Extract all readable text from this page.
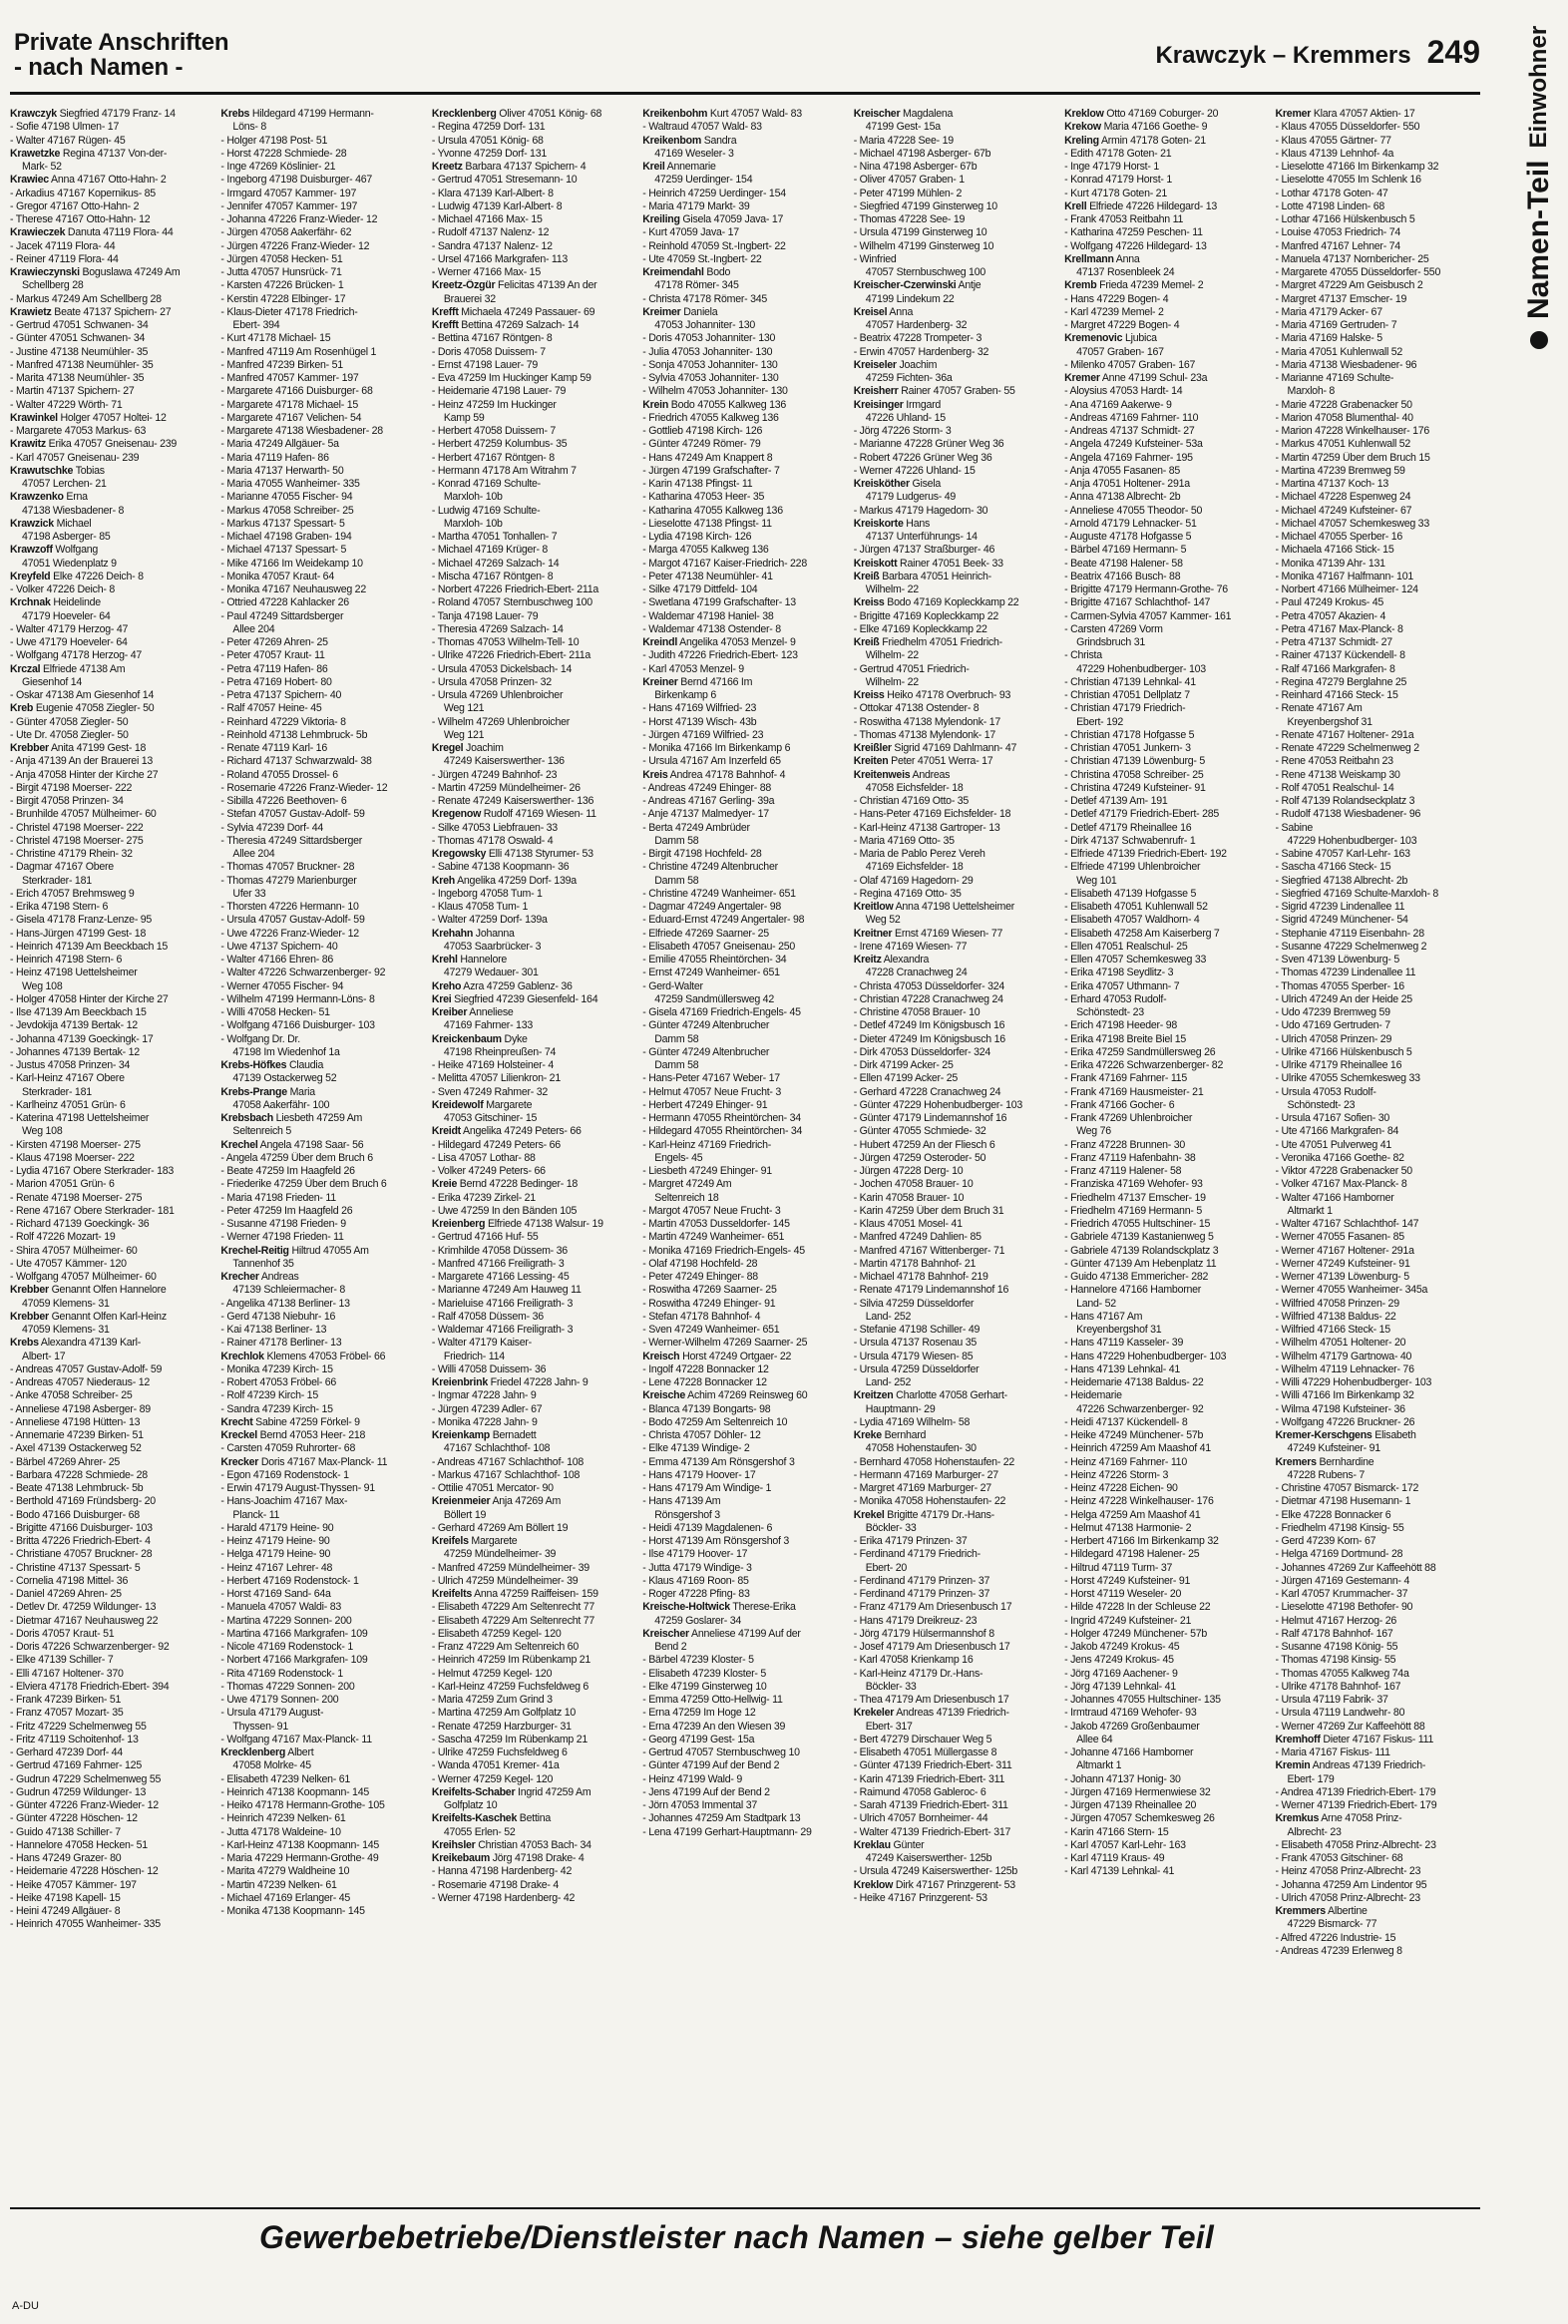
Private Anschriften
- nach Namen -	Krawczyk – Kremmers 249
Namen-Teil
Einwohner
Krawczyk Siegfried 47179 Franz- 14
- Sofie 47198 Ulmen- 17
- Walter 47167 Rügen- 45
Krawetzke Regina 47137 Von-der-
Mark- 52
Krawiec Anna 47167 Otto-Hahn- 2
- Arkadius 47167 Kopernikus- 85
- Gregor 47167 Otto-Hahn- 2
- Therese 47167 Otto-Hahn- 12
Krawieczek Danuta 47119 Flora- 44
- Jacek 47119 Flora- 44
- Reiner 47119 Flora- 44
Krawieczynski Boguslawa 47249 Am
Schellberg 28
- Markus 47249 Am Schellberg 28
Krawietz Beate 47137 Spichern- 27
- Gertrud 47051 Schwanen- 34
- Günter 47051 Schwanen- 34
- Justine 47138 Neumühler- 35
- Manfred 47138 Neumühler- 35
- Marita 47138 Neumühler- 35
- Martin 47137 Spichern- 27
- Walter 47229 Wörth- 71
Krawinkel Holger 47057 Holtei- 12
- Margarete 47053 Markus- 63
Krawitz Erika 47057 Gneisenau- 239
- Karl 47057 Gneisenau- 239
Krawutschke Tobias
47057 Lerchen- 21
Krawzenko Erna
47138 Wiesbadener- 8
Krawzick Michael
47198 Asberger- 85
Krawzoff Wolfgang
47051 Wiedenplatz 9
Kreyfeld Elke 47226 Deich- 8
- Volker 47226 Deich- 8
Krchnak Heidelinde
47179 Hoeveler- 64
- Walter 47179 Herzog- 47
- Uwe 47179 Hoeveler- 64
- Wolfgang 47178 Herzog- 47
Krczal Elfriede 47138 Am
Giesenhof 14
- Oskar 47138 Am Giesenhof 14
Kreb Eugenie 47058 Ziegler- 50
- Günter 47058 Ziegler- 50
- Ute Dr. 47058 Ziegler- 50
Krebber Anita 47199 Gest- 18
- Anja 47139 An der Brauerei 13
- Anja 47058 Hinter der Kirche 27
- Birgit 47198 Moerser- 222
- Birgit 47058 Prinzen- 34
- Brunhilde 47057 Mülheimer- 60
- Christel 47198 Moerser- 222
- Christel 47198 Moerser- 275
- Christine 47179 Rhein- 32
- Dagmar 47167 Obere
Sterkrader- 181
- Erich 47057 Brehmsweg 9
- Erika 47198 Stern- 6
- Gisela 47178 Franz-Lenze- 95
- Hans-Jürgen 47199 Gest- 18
- Heinrich 47139 Am Beeckbach 15
- Heinrich 47198 Stern- 6
- Heinz 47198 Uettelsheimer
Weg 108
- Holger 47058 Hinter der Kirche 27
- Ilse 47139 Am Beeckbach 15
- Jevdokija 47139 Bertak- 12
- Johanna 47139 Goeckingk- 17
- Johannes 47139 Bertak- 12
- Justus 47058 Prinzen- 34
- Karl-Heinz 47167 Obere
Sterkrader- 181
- Karlheinz 47051 Grün- 6
- Katerina 47198 Uettelsheimer
Weg 108
- Kirsten 47198 Moerser- 275
- Klaus 47198 Moerser- 222
- Lydia 47167 Obere Sterkrader- 183
- Marion 47051 Grün- 6
- Renate 47198 Moerser- 275
- Rene 47167 Obere Sterkrader- 181
- Richard 47139 Goeckingk- 36
- Rolf 47226 Mozart- 19
- Shira 47057 Mülheimer- 60
- Ute 47057 Kämmer- 120
- Wolfgang 47057 Mülheimer- 60
Krebber Genannt Olfen Hannelore
47059 Klemens- 31
Krebber Genannt Olfen Karl-Heinz
47059 Klemens- 31
Krebs Alexandra 47139 Karl-
Albert- 17
- Andreas 47057 Gustav-Adolf- 59
- Andreas 47057 Niederaus- 12
- Anke 47058 Schreiber- 25
- Anneliese 47198 Asberger- 89
- Anneliese 47198 Hütten- 13
- Annemarie 47239 Birken- 51
- Axel 47139 Ostackerweg 52
- Bärbel 47269 Ahrer- 25
- Barbara 47228 Schmiede- 28
- Beate 47138 Lehmbruck- 5b
- Berthold 47169 Fründsberg- 20
- Bodo 47166 Duisburger- 68
- Brigitte 47166 Duisburger- 103
- Britta 47226 Friedrich-Ebert- 4
- Christiane 47057 Bruckner- 28
- Christine 47137 Spessart- 5
- Cornelia 47198 Mittel- 36
- Daniel 47269 Ahren- 25
- Detlev Dr. 47259 Wildunger- 13
- Dietmar 47167 Neuhausweg 22
- Doris 47057 Kraut- 51
- Doris 47226 Schwarzenberger- 92
- Elke 47139 Schiller- 7
- Elli 47167 Holtener- 370
- Elviera 47178 Friedrich-Ebert- 394
- Frank 47239 Birken- 51
- Franz 47057 Mozart- 35
- Fritz 47229 Schelmenweg 55
- Fritz 47119 Schoitenhof- 13
- Gerhard 47239 Dorf- 44
- Gertrud 47169 Fahrner- 125
- Gudrun 47229 Schelmenweg 55
- Gudrun 47259 Wildunger- 13
- Günter 47226 Franz-Wieder- 12
- Günter 47228 Höschen- 12
- Guido 47138 Schiller- 7
- Hannelore 47058 Hecken- 51
- Hans 47249 Grazer- 80
- Heidemarie 47228 Höschen- 12
- Heike 47057 Kämmer- 197
- Heike 47198 Kapell- 15
- Heini 47249 Allgäuer- 8
- Heinrich 47055 Wanheimer- 335
Krebs Hildegard 47199 Hermann-
Löns- 8
- Holger 47198 Post- 51
- Horst 47228 Schmiede- 28
- Inge 47269 Köslinier- 21
- Ingeborg 47198 Duisburger- 467
- Irmgard 47057 Kammer- 197
- Jennifer 47057 Kammer- 197
- Johanna 47226 Franz-Wieder- 12
- Jürgen 47058 Aakerfähr- 62
- Jürgen 47226 Franz-Wieder- 12
- Jürgen 47058 Hecken- 51
- Jutta 47057 Hunsrück- 71
- Karsten 47226 Brücken- 1
- Kerstin 47228 Elbinger- 17
- Klaus-Dieter 47178 Friedrich-
Ebert- 394
- Kurt 47178 Michael- 15
- Manfred 47119 Am Rosenhügel 1
- Manfred 47239 Birken- 51
- Manfred 47057 Kammer- 197
- Margarete 47166 Duisburger- 68
- Margarete 47178 Michael- 15
- Margarete 47167 Velichen- 54
- Margarete 47138 Wiesbadener- 28
- Maria 47249 Allgäuer- 5a
- Maria 47119 Hafen- 86
- Maria 47137 Herwarth- 50
- Maria 47055 Wanheimer- 335
- Marianne 47055 Fischer- 94
- Markus 47058 Schreiber- 25
- Markus 47137 Spessart- 5
- Michael 47198 Graben- 194
- Michael 47137 Spessart- 5
- Mike 47166 Im Weidekamp 10
- Monika 47057 Kraut- 64
- Monika 47167 Neuhausweg 22
- Ottried 47228 Kahlacker 26
- Paul 47249 Sittardsberger
Allee 204
- Peter 47269 Ahren- 25
- Peter 47057 Kraut- 11
- Petra 47119 Hafen- 86
- Petra 47169 Hobert- 80
- Petra 47137 Spichern- 40
- Ralf 47057 Heine- 45
- Reinhard 47229 Viktoria- 8
- Reinhold 47138 Lehmbruck- 5b
- Renate 47119 Karl- 16
- Richard 47137 Schwarzwald- 38
- Roland 47055 Drossel- 6
- Rosemarie 47226 Franz-Wieder- 12
- Sibilla 47226 Beethoven- 6
- Stefan 47057 Gustav-Adolf- 59
- Sylvia 47239 Dorf- 44
- Theresia 47249 Sittardsberger
Allee 204
- Thomas 47057 Bruckner- 28
- Thomas 47279 Marienburger
Ufer 33
- Thorsten 47226 Hermann- 10
- Ursula 47057 Gustav-Adolf- 59
- Uwe 47226 Franz-Wieder- 12
- Uwe 47137 Spichern- 40
- Walter 47166 Ehren- 86
- Walter 47226 Schwarzenberger- 92
- Werner 47055 Fischer- 94
- Wilhelm 47199 Hermann-Löns- 8
- Willi 47058 Hecken- 51
- Wolfgang 47166 Duisburger- 103
- Wolfgang Dr. Dr.
47198 Im Wiedenhof 1a
Krebs-Höfkes Claudia
47139 Ostackerweg 52
Krebs-Prange Maria
47058 Aakerfähr- 100
Krebsbach Liesbeth 47259 Am
Seltenreich 5
Krechel Angela 47198 Saar- 56
- Angela 47259 Über dem Bruch 6
- Beate 47259 Im Haagfeld 26
- Friederike 47259 Über dem Bruch 6
- Maria 47198 Frieden- 11
- Peter 47259 Im Haagfeld 26
- Susanne 47198 Frieden- 9
- Werner 47198 Frieden- 11
Krechel-Reitig Hiltrud 47055 Am
Tannenhof 35
Krecher Andreas
47139 Schleiermacher- 8
- Angelika 47138 Berliner- 13
- Gerd 47138 Niebuhr- 16
- Kai 47138 Berliner- 13
- Rainer 47178 Berliner- 13
Krechlok Klemens 47053 Fröbel- 66
- Monika 47239 Kirch- 15
- Robert 47053 Fröbel- 66
- Rolf 47239 Kirch- 15
- Sandra 47239 Kirch- 15
Krecht Sabine 47259 Förkel- 9
Kreckel Bernd 47053 Heer- 218
- Carsten 47059 Ruhrorter- 68
Krecker Doris 47167 Max-Planck- 11
- Egon 47169 Rodenstock- 1
- Erwin 47179 August-Thyssen- 91
- Hans-Joachim 47167 Max-
Planck- 11
- Harald 47179 Heine- 90
- Heinz 47179 Heine- 90
- Helga 47179 Heine- 90
- Heinz 47167 Lehrer- 48
- Herbert 47169 Rodenstock- 1
- Horst 47169 Sand- 64a
- Manuela 47057 Waldi- 83
- Martina 47229 Sonnen- 200
- Martina 47166 Markgrafen- 109
- Nicole 47169 Rodenstock- 1
- Norbert 47166 Markgrafen- 109
- Rita 47169 Rodenstock- 1
- Thomas 47229 Sonnen- 200
- Uwe 47179 Sonnen- 200
- Ursula 47179 August-
Thyssen- 91
- Wolfgang 47167 Max-Planck- 11
Krecklenberg Albert
47058 Molrke- 45
- Elisabeth 47239 Nelken- 61
- Heinrich 47138 Koopmann- 145
- Heiko 47178 Hermann-Grothe- 105
- Heinrich 47239 Nelken- 61
- Jutta 47178 Waldeine- 10
- Karl-Heinz 47138 Koopmann- 145
- Maria 47229 Hermann-Grothe- 49
- Marita 47279 Waldheine 10
- Martin 47239 Nelken- 61
- Michael 47169 Erlanger- 45
- Monika 47138 Koopmann- 145
Krecklenberg Oliver 47051 König- 68
- Regina 47259 Dorf- 131
- Ursula 47051 König- 68
- Yvonne 47259 Dorf- 131
Kreetz Barbara 47137 Spichern- 4
- Gertrud 47051 Stresemann- 10
- Klara 47139 Karl-Albert- 8
- Ludwig 47139 Karl-Albert- 8
- Michael 47166 Max- 15
- Rudolf 47137 Nalenz- 12
- Sandra 47137 Nalenz- 12
- Ursel 47166 Markgrafen- 113
- Werner 47166 Max- 15
Kreetz-Özgür Felicitas 47139 An der
Brauerei 32
Krefft Michaela 47249 Passauer- 69
Krefft Bettina 47269 Salzach- 14
- Bettina 47167 Röntgen- 8
- Doris 47058 Duissem- 7
- Ernst 47198 Lauer- 79
- Eva 47259 Im Huckinger Kamp 59
- Heidemarie 47198 Lauer- 79
- Heinz 47259 Im Huckinger
Kamp 59
- Herbert 47058 Duissem- 7
- Herbert 47259 Kolumbus- 35
- Herbert 47167 Röntgen- 8
- Hermann 47178 Am Witrahm 7
- Konrad 47169 Schulte-
Marxloh- 10b
- Ludwig 47169 Schulte-
Marxloh- 10b
- Martha 47051 Tonhallen- 7
- Michael 47169 Krüger- 8
- Michael 47269 Salzach- 14
- Mischa 47167 Röntgen- 8
- Norbert 47226 Friedrich-Ebert- 211a
- Roland 47057 Sternbuschweg 100
- Tanja 47198 Lauer- 79
- Theresia 47269 Salzach- 14
- Thomas 47053 Wilhelm-Tell- 10
- Ulrike 47226 Friedrich-Ebert- 211a
- Ursula 47053 Dickelsbach- 14
- Ursula 47058 Prinzen- 32
- Ursula 47269 Uhlenbroicher
Weg 121
- Wilhelm 47269 Uhlenbroicher
Weg 121
Kregel Joachim
47249 Kaiserswerther- 136
- Jürgen 47249 Bahnhof- 23
- Martin 47259 Mündelheimer- 26
- Renate 47249 Kaiserswerther- 136
Kregenow Rudolf 47169 Wiesen- 11
- Silke 47053 Liebfrauen- 33
- Thomas 47178 Oswald- 4
Kregowsky Elli 47138 Styrumer- 53
- Sabine 47138 Koopmann- 36
Kreh Angelika 47259 Dorf- 139a
- Ingeborg 47058 Tum- 1
- Klaus 47058 Tum- 1
- Walter 47259 Dorf- 139a
Krehahn Johanna
47053 Saarbrücker- 3
Krehl Hannelore
47279 Wedauer- 301
Kreho Azra 47259 Gablenz- 36
Krei Siegfried 47239 Giesenfeld- 164
Kreiber Anneliese
47169 Fahrner- 133
Kreickenbaum Dyke
47198 Rheinpreußen- 74
- Heike 47169 Holsteiner- 4
- Melitta 47057 Lilienkron- 21
- Sven 47249 Rahmer- 32
Kreidewolf Margarete
47053 Gitschiner- 15
Kreidt Angelika 47249 Peters- 66
- Hildegard 47249 Peters- 66
- Lisa 47057 Lothar- 88
- Volker 47249 Peters- 66
Kreie Bernd 47228 Bedinger- 18
- Erika 47239 Zirkel- 21
- Uwe 47259 In den Bänden 105
Kreienberg Elfriede 47138 Walsur- 19
- Gertrud 47166 Huf- 55
- Krimhilde 47058 Düssem- 36
- Manfred 47166 Freiligrath- 3
- Margarete 47166 Lessing- 45
- Marianne 47249 Am Hauweg 11
- Marieluise 47166 Freiligrath- 3
- Ralf 47058 Düssem- 36
- Waldemar 47166 Freiligrath- 3
- Walter 47179 Kaiser-
Friedrich- 114
- Willi 47058 Duissem- 36
Kreienbrink Friedel 47228 Jahn- 9
- Ingmar 47228 Jahn- 9
- Jürgen 47239 Adler- 67
- Monika 47228 Jahn- 9
Kreienkamp Bernadett
47167 Schlachthof- 108
- Andreas 47167 Schlachthof- 108
- Markus 47167 Schlachthof- 108
- Ottilie 47051 Mercator- 90
Kreienmeier Anja 47269 Am
Böllert 19
- Gerhard 47269 Am Böllert 19
Kreifels Margarete
47259 Mündelheimer- 39
- Manfred 47259 Mündelheimer- 39
- Ulrich 47259 Mündelheimer- 39
Kreifelts Anna 47259 Raiffeisen- 159
- Elisabeth 47229 Am Seltenrecht 77
- Elisabeth 47229 Am Seltenrecht 77
- Elisabeth 47259 Kegel- 120
- Franz 47229 Am Seltenreich 60
- Heinrich 47259 Im Rübenkamp 21
- Helmut 47259 Kegel- 120
- Karl-Heinz 47259 Fuchsfeldweg 6
- Maria 47259 Zum Grind 3
- Martina 47259 Am Golfplatz 10
- Renate 47259 Harzburger- 31
- Sascha 47259 Im Rübenkamp 21
- Ulrike 47259 Fuchsfeldweg 6
- Wanda 47051 Kremer- 41a
- Werner 47259 Kegel- 120
Kreifelts-Schaber Ingrid 47259 Am
Golfplatz 10
Kreifelts-Kaschek Bettina
47055 Erlen- 52
Kreihsler Christian 47053 Bach- 34
Kreikebaum Jörg 47198 Drake- 4
- Hanna 47198 Hardenberg- 42
- Rosemarie 47198 Drake- 4
- Werner 47198 Hardenberg- 42
Kreikenbohm Kurt 47057 Wald- 83
- Waltraud 47057 Wald- 83
Kreikenbom Sandra
47169 Weseler- 3
Kreil Annemarie
47259 Uerdinger- 154
- Heinrich 47259 Uerdinger- 154
- Maria 47179 Markt- 39
Kreiling Gisela 47059 Java- 17
- Kurt 47059 Java- 17
- Reinhold 47059 St.-Ingbert- 22
- Ute 47059 St.-Ingbert- 22
Kreimendahl Bodo
47178 Römer- 345
- Christa 47178 Römer- 345
Kreimer Daniela
47053 Johanniter- 130
- Doris 47053 Johanniter- 130
- Julia 47053 Johanniter- 130
- Sonja 47053 Johanniter- 130
- Sylvia 47053 Johanniter- 130
- Wilhelm 47053 Johanniter- 130
Krein Bodo 47055 Kalkweg 136
- Friedrich 47055 Kalkweg 136
- Gottlieb 47198 Kirch- 126
- Günter 47249 Römer- 79
- Hans 47249 Am Knappert 8
- Jürgen 47199 Grafschafter- 7
- Karin 47138 Pfingst- 11
- Katharina 47053 Heer- 35
- Katharina 47055 Kalkweg 136
- Lieselotte 47138 Pfingst- 11
- Lydia 47198 Kirch- 126
- Marga 47055 Kalkweg 136
- Margot 47167 Kaiser-Friedrich- 228
- Peter 47138 Neumühler- 41
- Silke 47179 Dittfeld- 104
- Swetlana 47199 Grafschafter- 13
- Waldemar 47198 Haniel- 38
- Waldemar 47138 Ostender- 8
Kreindl Angelika 47053 Menzel- 9
- Judith 47226 Friedrich-Ebert- 123
- Karl 47053 Menzel- 9
Kreiner Bernd 47166 Im
Birkenkamp 6
- Hans 47169 Wilfried- 23
- Horst 47139 Wisch- 43b
- Jürgen 47169 Wilfried- 23
- Monika 47166 Im Birkenkamp 6
- Ursula 47167 Am Inzerfeld 65
Kreis Andrea 47178 Bahnhof- 4
- Andreas 47249 Ehinger- 88
- Andreas 47167 Gerling- 39a
- Anje 47137 Malmedyer- 17
- Berta 47249 Ambrüder
Damm 58
- Birgit 47198 Hochfeld- 28
- Christine 47249 Altenbrucher
Damm 58
- Christine 47249 Wanheimer- 651
- Dagmar 47249 Angertaler- 98
- Eduard-Ernst 47249 Angertaler- 98
- Elfriede 47269 Saarner- 25
- Elisabeth 47057 Gneisenau- 250
- Emilie 47055 Rheintörchen- 34
- Ernst 47249 Wanheimer- 651
- Gerd-Walter
47259 Sandmüllersweg 42
- Gisela 47169 Friedrich-Engels- 45
- Günter 47249 Altenbrucher
Damm 58
- Günter 47249 Altenbrucher
Damm 58
- Hans-Peter 47167 Weber- 17
- Helmut 47057 Neue Frucht- 3
- Herbert 47249 Ehinger- 91
- Hermann 47055 Rheintörchen- 34
- Hildegard 47055 Rheintörchen- 34
- Karl-Heinz 47169 Friedrich-
Engels- 45
- Liesbeth 47249 Ehinger- 91
- Margret 47249 Am
Seltenreich 18
- Margot 47057 Neue Frucht- 3
- Martin 47053 Dusseldorfer- 145
- Martin 47249 Wanheimer- 651
- Monika 47169 Friedrich-Engels- 45
- Olaf 47198 Hochfeld- 28
- Peter 47249 Ehinger- 88
- Roswitha 47269 Saarner- 25
- Roswitha 47249 Ehinger- 91
- Stefan 47178 Bahnhof- 4
- Sven 47249 Wanheimer- 651
- Werner-Wilhelm 47269 Saarner- 25
Kreisch Horst 47249 Ortgaer- 22
- Ingolf 47228 Bonnacker 12
- Lene 47228 Bonnacker 12
Kreische Achim 47269 Reinsweg 60
- Blanca 47139 Bongarts- 98
- Bodo 47259 Am Seltenreich 10
- Christa 47057 Döhler- 12
- Elke 47139 Windige- 2
- Emma 47139 Am Rönsgershof 3
- Hans 47179 Hoover- 17
- Hans 47179 Am Windige- 1
- Hans 47139 Am
Rönsgershof 3
- Heidi 47139 Magdalenen- 6
- Horst 47139 Am Rönsgershof 3
- Ilse 47179 Hoover- 17
- Jutta 47179 Windige- 3
- Klaus 47169 Roon- 85
- Roger 47228 Pfing- 83
Kreische-Holtwick Therese-Erika
47259 Goslarer- 34
Kreischer Anneliese 47199 Auf der
Bend 2
- Bärbel 47239 Kloster- 5
- Elisabeth 47239 Kloster- 5
- Elke 47199 Ginsterweg 10
- Emma 47259 Otto-Hellwig- 11
- Erna 47259 Im Hoge 12
- Erna 47239 An den Wiesen 39
- Georg 47199 Gest- 15a
- Gertrud 47057 Sternbuschweg 10
- Günter 47199 Auf der Bend 2
- Heinz 47199 Wald- 9
- Jens 47199 Auf der Bend 2
- Jörn 47053 Immental 37
- Johannes 47259 Am Stadtpark 13
- Lena 47199 Gerhart-Hauptmann- 29
Kreischer Magdalena
47199 Gest- 15a
- Maria 47228 See- 19
- Michael 47198 Asberger- 67b
- Nina 47198 Asberger- 67b
- Oliver 47057 Graben- 1
- Peter 47199 Mühlen- 2
- Siegfried 47199 Ginsterweg 10
- Thomas 47228 See- 19
- Ursula 47199 Ginsterweg 10
- Wilhelm 47199 Ginsterweg 10
- Winfried
47057 Sternbuschweg 100
Kreischer-Czerwinski Antje
47199 Lindekum 22
Kreisel Anna
47057 Hardenberg- 32
- Beatrix 47228 Trompeter- 3
- Erwin 47057 Hardenberg- 32
Kreiseler Joachim
47259 Fichten- 36a
Kreisherr Rainer 47057 Graben- 55
Kreisinger Irmgard
47226 Uhland- 15
- Jörg 47226 Storm- 3
- Marianne 47228 Grüner Weg 36
- Robert 47226 Grüner Weg 36
- Werner 47226 Uhland- 15
Kreisköther Gisela
47179 Ludgerus- 49
- Markus 47179 Hagedorn- 30
Kreiskorte Hans
47137 Unterführungs- 14
- Jürgen 47137 Straßburger- 46
Kreiskott Rainer 47051 Beek- 33
Kreiß Barbara 47051 Heinrich-
Wilhelm- 22
Kreiss Bodo 47169 Kopleckkamp 22
- Brigitte 47169 Kopleckkamp 22
- Elke 47169 Kopleckkamp 22
Kreiß Friedhelm 47051 Friedrich-
Wilhelm- 22
- Gertrud 47051 Friedrich-
Wilhelm- 22
Kreiss Heiko 47178 Overbruch- 93
- Ottokar 47138 Ostender- 8
- Roswitha 47138 Mylendonk- 17
- Thomas 47138 Mylendonk- 17
Kreißler Sigrid 47169 Dahlmann- 47
Kreiten Peter 47051 Werra- 17
Kreitenweis Andreas
47058 Eichsfelder- 18
- Christian 47169 Otto- 35
- Hans-Peter 47169 Eichsfelder- 18
- Karl-Heinz 47138 Gartroper- 13
- Maria 47169 Otto- 35
- Maria de Pablo Perez Vereh
47169 Eichsfelder- 18
- Olaf 47169 Hagedorn- 29
- Regina 47169 Otto- 35
Kreitlow Anna 47198 Uettelsheimer
Weg 52
Kreitner Ernst 47169 Wiesen- 77
- Irene 47169 Wiesen- 77
Kreitz Alexandra
47228 Cranachweg 24
- Christa 47053 Düsseldorfer- 324
- Christian 47228 Cranachweg 24
- Christine 47058 Brauer- 10
- Detlef 47249 Im Königsbusch 16
- Dieter 47249 Im Königsbusch 16
- Dirk 47053 Düsseldorfer- 324
- Dirk 47199 Acker- 25
- Ellen 47199 Acker- 25
- Gerhard 47228 Cranachweg 24
- Günter 47229 Hohenbudberger- 103
- Günter 47179 Lindemannshof 16
- Günter 47055 Schmiede- 32
- Hubert 47259 An der Fliesch 6
- Jürgen 47259 Osteroder- 50
- Jürgen 47228 Derg- 10
- Jochen 47058 Brauer- 10
- Karin 47058 Brauer- 10
- Karin 47259 Über dem Bruch 31
- Klaus 47051 Mosel- 41
- Manfred 47249 Dahlien- 85
- Manfred 47167 Wittenberger- 71
- Martin 47178 Bahnhof- 21
- Michael 47178 Bahnhof- 219
- Renate 47179 Lindemannshof 16
- Silvia 47259 Düsseldorfer
Land- 252
- Stefanie 47198 Schiller- 49
- Ursula 47137 Rosenau 35
- Ursula 47179 Wiesen- 85
- Ursula 47259 Düsseldorfer
Land- 252
Kreitzen Charlotte 47058 Gerhart-
Hauptmann- 29
- Lydia 47169 Wilhelm- 58
Kreke Bernhard
47058 Hohenstaufen- 30
- Bernhard 47058 Hohenstaufen- 22
- Hermann 47169 Marburger- 27
- Margret 47169 Marburger- 27
- Monika 47058 Hohenstaufen- 22
Krekel Brigitte 47179 Dr.-Hans-
Böckler- 33
- Erika 47179 Prinzen- 37
- Ferdinand 47179 Friedrich-
Ebert- 20
- Ferdinand 47179 Prinzen- 37
- Ferdinand 47179 Prinzen- 37
- Franz 47179 Am Driesenbusch 17
- Hans 47179 Dreikreuz- 23
- Jörg 47179 Hülsermannshof 8
- Josef 47179 Am Driesenbusch 17
- Karl 47058 Krienkamp 16
- Karl-Heinz 47179 Dr.-Hans-
Böckler- 33
- Thea 47179 Am Driesenbusch 17
Krekeler Andreas 47139 Friedrich-
Ebert- 317
- Bert 47279 Dirschauer Weg 5
- Elisabeth 47051 Müllergasse 8
- Günter 47139 Friedrich-Ebert- 311
- Karin 47139 Friedrich-Ebert- 311
- Raimund 47058 Gableroc- 6
- Sarah 47139 Friedrich-Ebert- 311
- Ulrich 47057 Bornheimer- 44
- Walter 47139 Friedrich-Ebert- 317
Kreklau Günter
47249 Kaiserswerther- 125b
- Ursula 47249 Kaiserswerther- 125b
Kreklow Dirk 47167 Prinzgerent- 53
- Heike 47167 Prinzgerent- 53
Kreklow Otto 47169 Coburger- 20
Krekow Maria 47166 Goethe- 9
Kreling Armin 47178 Goten- 21
- Edith 47178 Goten- 21
- Inge 47179 Horst- 1
- Konrad 47179 Horst- 1
- Kurt 47178 Goten- 21
Krell Elfriede 47226 Hildegard- 13
- Frank 47053 Reitbahn 11
- Katharina 47259 Peschen- 11
- Wolfgang 47226 Hildegard- 13
Krellmann Anna
47137 Rosenbleek 24
Kremb Frieda 47239 Memel- 2
- Hans 47229 Bogen- 4
- Karl 47239 Memel- 2
- Margret 47229 Bogen- 4
Kremenovic Ljubica
47057 Graben- 167
- Milenko 47057 Graben- 167
Kremer Anne 47199 Schul- 23a
- Aloysius 47053 Hardt- 14
- Ana 47169 Aakerwe- 9
- Andreas 47169 Fahrner- 110
- Andreas 47137 Schmidt- 27
- Angela 47249 Kufsteiner- 53a
- Angela 47169 Fahrner- 195
- Anja 47055 Fasanen- 85
- Anja 47051 Holtener- 291a
- Anna 47138 Albrecht- 2b
- Anneliese 47055 Theodor- 50
- Arnold 47179 Lehnacker- 51
- Auguste 47178 Hofgasse 5
- Bärbel 47169 Hermann- 5
- Beate 47198 Halener- 58
- Beatrix 47166 Busch- 88
- Brigitte 47179 Hermann-Grothe- 76
- Brigitte 47167 Schlachthof- 147
- Carmen-Sylvia 47057 Kammer- 161
- Carsten 47269 Vorm
Grindsbruch 31
- Christa
47229 Hohenbudberger- 103
- Christian 47139 Lehnkal- 41
- Christian 47051 Dellplatz 7
- Christian 47179 Friedrich-
Ebert- 192
- Christian 47178 Hofgasse 5
- Christian 47051 Junkern- 3
- Christian 47139 Löwenburg- 5
- Christina 47058 Schreiber- 25
- Christina 47249 Kufsteiner- 91
- Detlef 47139 Am- 191
- Detlef 47179 Friedrich-Ebert- 285
- Detlef 47179 Rheinallee 16
- Dirk 47137 Schwabenrufr- 1
- Elfriede 47139 Friedrich-Ebert- 192
- Elfriede 47199 Uhlenbroicher
Weg 101
- Elisabeth 47139 Hofgasse 5
- Elisabeth 47051 Kuhlenwall 52
- Elisabeth 47057 Waldhorn- 4
- Elisabeth 47258 Am Kaiserberg 7
- Ellen 47051 Realschul- 25
- Ellen 47057 Schemkesweg 33
- Erika 47198 Seydlitz- 3
- Erika 47057 Uthmann- 7
- Erhard 47053 Rudolf-
Schönstedt- 23
- Erich 47198 Heeder- 98
- Erika 47198 Breite Biel 15
- Erika 47259 Sandmüllersweg 26
- Erika 47226 Schwarzenberger- 82
- Frank 47169 Fahrner- 115
- Frank 47169 Hausmeister- 21
- Frank 47166 Gocher- 6
- Frank 47269 Uhlenbroicher
Weg 76
- Franz 47228 Brunnen- 30
- Franz 47119 Hafenbahn- 38
- Franz 47119 Halener- 58
- Franziska 47169 Wehofer- 93
- Friedhelm 47137 Emscher- 19
- Friedhelm 47169 Hermann- 5
- Friedrich 47055 Hultschiner- 15
- Gabriele 47139 Kastanienweg 5
- Gabriele 47139 Rolandsckplatz 3
- Günter 47139 Am Hebenplatz 11
- Guido 47138 Emmericher- 282
- Hannelore 47166 Hamborner
Land- 52
- Hans 47167 Am
Kreyenbergshof 31
- Hans 47119 Kasseler- 39
- Hans 47229 Hohenbudberger- 103
- Hans 47139 Lehnkal- 41
- Heidemarie 47138 Baldus- 22
- Heidemarie
47226 Schwarzenberger- 92
- Heidi 47137 Kückendell- 8
- Heike 47249 Münchener- 57b
- Heinrich 47259 Am Maashof 41
- Heinz 47169 Fahrner- 110
- Heinz 47226 Storm- 3
- Heinz 47228 Eichen- 90
- Heinz 47228 Winkelhauser- 176
- Helga 47259 Am Maashof 41
- Helmut 47138 Harmonie- 2
- Herbert 47166 Im Birkenkamp 32
- Hildegard 47198 Halener- 25
- Hiltrud 47119 Turm- 37
- Horst 47249 Kufsteiner- 91
- Horst 47119 Weseler- 20
- Hilde 47228 In der Schleuse 22
- Ingrid 47249 Kufsteiner- 21
- Holger 47249 Münchener- 57b
- Jakob 47249 Krokus- 45
- Jens 47249 Krokus- 45
- Jörg 47169 Aachener- 9
- Jörg 47139 Lehnkal- 41
- Johannes 47055 Hultschiner- 135
- Irmtraud 47169 Wehofer- 93
- Jakob 47269 Großenbaumer
Allee 64
- Johanne 47166 Hamborner
Altmarkt 1
- Johann 47137 Honig- 30
- Jürgen 47169 Hermenwiese 32
- Jürgen 47139 Rheinallee 20
- Jürgen 47057 Schemkesweg 26
- Karin 47166 Stern- 15
- Karl 47057 Karl-Lehr- 163
- Karl 47119 Kraus- 49
- Karl 47139 Lehnkal- 41
Kremer Klara 47057 Aktien- 17
- Klaus 47055 Düsseldorfer- 550
- Klaus 47055 Gärtner- 77
- Klaus 47139 Lehnhof- 4a
- Lieselotte 47166 Im Birkenkamp 32
- Lieselotte 47055 Im Schlenk 16
- Lothar 47178 Goten- 47
- Lotte 47198 Linden- 68
- Lothar 47166 Hülskenbusch 5
- Louise 47053 Friedrich- 74
- Manfred 47167 Lehner- 74
- Manuela 47137 Nornbericher- 25
- Margarete 47055 Düsseldorfer- 550
- Margret 47229 Am Geisbusch 2
- Margret 47137 Emscher- 19
- Maria 47179 Acker- 67
- Maria 47169 Gertruden- 7
- Maria 47169 Halske- 5
- Maria 47051 Kuhlenwall 52
- Maria 47138 Wiesbadener- 96
- Marianne 47169 Schulte-
Marxloh- 8
- Marie 47228 Grabenacker 50
- Marion 47058 Blumenthal- 40
- Marion 47228 Winkelhauser- 176
- Markus 47051 Kuhlenwall 52
- Martin 47259 Über dem Bruch 15
- Martina 47239 Bremweg 59
- Martina 47137 Koch- 13
- Michael 47228 Espenweg 24
- Michael 47249 Kufsteiner- 67
- Michael 47057 Schemkesweg 33
- Michael 47055 Sperber- 16
- Michaela 47166 Stick- 15
- Monika 47139 Ahr- 131
- Monika 47167 Halfmann- 101
- Norbert 47166 Mülheimer- 124
- Paul 47249 Krokus- 45
- Petra 47057 Akazien- 4
- Petra 47167 Max-Planck- 8
- Petra 47137 Schmidt- 27
- Rainer 47137 Kückendell- 8
- Ralf 47166 Markgrafen- 8
- Regina 47279 Berglahne 25
- Reinhard 47166 Steck- 15
- Renate 47167 Am
Kreyenbergshof 31
- Renate 47167 Holtener- 291a
- Renate 47229 Schelmenweg 2
- Rene 47053 Reitbahn 23
- Rene 47138 Weiskamp 30
- Rolf 47051 Realschul- 14
- Rolf 47139 Rolandseckplatz 3
- Rudolf 47138 Wiesbadener- 96
- Sabine
47229 Hohenbudberger- 103
- Sabine 47057 Karl-Lehr- 163
- Sascha 47166 Steck- 15
- Siegfried 47138 Albrecht- 2b
- Siegfried 47169 Schulte-Marxloh- 8
- Sigrid 47239 Lindenallee 11
- Sigrid 47249 Münchener- 54
- Stephanie 47119 Eisenbahn- 28
- Susanne 47229 Schelmenweg 2
- Sven 47139 Löwenburg- 5
- Thomas 47239 Lindenallee 11
- Thomas 47055 Sperber- 16
- Ulrich 47249 An der Heide 25
- Udo 47239 Bremweg 59
- Udo 47169 Gertruden- 7
- Ulrich 47058 Prinzen- 29
- Ulrike 47166 Hülskenbusch 5
- Ulrike 47179 Rheinallee 16
- Ulrike 47055 Schemkesweg 33
- Ursula 47053 Rudolf-
Schönstedt- 23
- Ursula 47167 Sofien- 30
- Ute 47166 Markgrafen- 84
- Ute 47051 Pulverweg 41
- Veronika 47166 Goethe- 82
- Viktor 47228 Grabenacker 50
- Volker 47167 Max-Planck- 8
- Walter 47166 Hamborner
Altmarkt 1
- Walter 47167 Schlachthof- 147
- Werner 47055 Fasanen- 85
- Werner 47167 Holtener- 291a
- Werner 47249 Kufsteiner- 91
- Werner 47139 Löwenburg- 5
- Werner 47055 Wanheimer- 345a
- Wilfried 47058 Prinzen- 29
- Wilfried 47138 Baldus- 22
- Wilfried 47166 Steck- 15
- Wilhelm 47051 Holtener- 20
- Wilhelm 47179 Gartnowa- 40
- Wilhelm 47119 Lehnacker- 76
- Willi 47229 Hohenbudberger- 103
- Willi 47166 Im Birkenkamp 32
- Wilma 47198 Kufsteiner- 36
- Wolfgang 47226 Bruckner- 26
Kremer-Kerschgens Elisabeth
47249 Kufsteiner- 91
Kremers Bernhardine
47228 Rubens- 7
- Christine 47057 Bismarck- 172
- Dietmar 47198 Husemann- 1
- Elke 47228 Bonnacker 6
- Friedhelm 47198 Kinsig- 55
- Gerd 47239 Korn- 67
- Helga 47169 Dortmund- 28
- Johannes 47269 Zur Kaffeehött 88
- Jürgen 47169 Gestemann- 4
- Karl 47057 Krummacher- 37
- Lieselotte 47198 Bethofer- 90
- Helmut 47167 Herzog- 26
- Ralf 47178 Bahnhof- 167
- Susanne 47198 König- 55
- Thomas 47198 Kinsig- 55
- Thomas 47055 Kalkweg 74a
- Ulrike 47178 Bahnhof- 167
- Ursula 47119 Fabrik- 37
- Ursula 47119 Landwehr- 80
- Werner 47269 Zur Kaffeehött 88
Kremhoff Dieter 47167 Fiskus- 111
- Maria 47167 Fiskus- 111
Kremin Andreas 47139 Friedrich-
Ebert- 179
- Andrea 47139 Friedrich-Ebert- 179
- Werner 47139 Friedrich-Ebert- 179
Kremkus Arne 47058 Prinz-
Albrecht- 23
- Elisabeth 47058 Prinz-Albrecht- 23
- Frank 47053 Gitschiner- 68
- Heinz 47058 Prinz-Albrecht- 23
- Johanna 47259 Am Lindentor 95
- Ulrich 47058 Prinz-Albrecht- 23
Kremmers Albertine
47229 Bismarck- 77
- Alfred 47226 Industrie- 15
- Andreas 47239 Erlenweg 8
Gewerbebetriebe/Dienstleister nach Namen – siehe gelber Teil
A-DU
